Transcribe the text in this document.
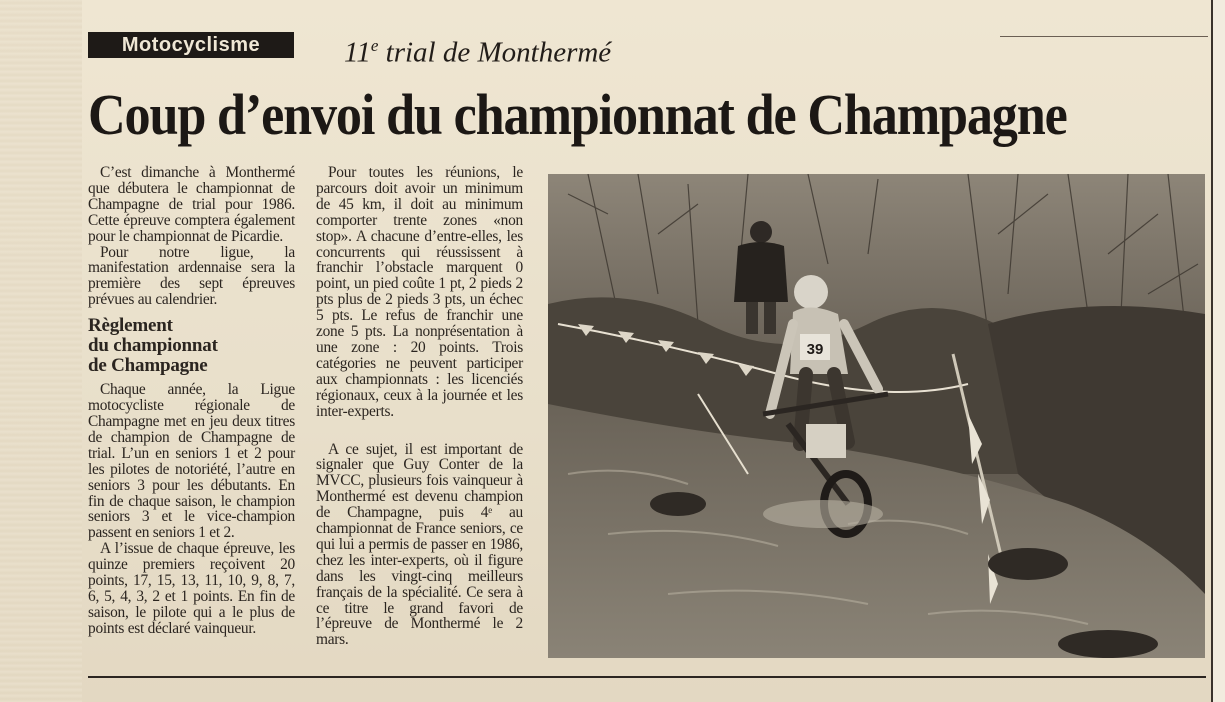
Motocyclisme	11e trial de Monthermé
Coup d’envoi du championnat de Champagne

C’est dimanche à Monthermé que débutera le championnat de Champagne de trial pour 1986. Cette épreuve comptera également pour le championnat de Picardie.

Pour notre ligue, la manifestation ardennaise sera la première des sept épreuves prévues au calendrier.

Règlement
du championnat
de Champagne

Chaque année, la Ligue motocycliste régionale de Champagne met en jeu deux titres de champion de Champagne de trial. L’un en seniors 1 et 2 pour les pilotes de notoriété, l’autre en seniors 3 pour les débutants. En fin de chaque saison, le champion seniors 3 et le vice-champion passent en seniors 1 et 2.

A l’issue de chaque épreuve, les quinze premiers reçoivent 20 points, 17, 15, 13, 11, 10, 9, 8, 7, 6, 5, 4, 3, 2 et 1 points. En fin de saison, le pilote qui a le plus de points est déclaré vainqueur.

Pour toutes les réunions, le parcours doit avoir un minimum de 45 km, il doit au minimum comporter trente zones «non stop». A chacune d’entre-elles, les concurrents qui réussissent à franchir l’obstacle marquent 0 point, un pied coûte 1 pt, 2 pieds 2 pts plus de 2 pieds 3 pts, un échec 5 pts. Le refus de franchir une zone 5 pts. La nonprésentation à une zone : 20 points. Trois catégories ne peuvent participer aux championnats : les licenciés régionaux, ceux à la journée et les inter-experts.

A ce sujet, il est important de signaler que Guy Conter de la MVCC, plusieurs fois vainqueur à Monthermé est devenu champion de Champagne, puis 4ᵉ au championnat de France seniors, ce qui lui a permis de passer en 1986, chez les inter-experts, où il figure dans les vingt-cinq meilleurs français de la spécialité. Ce sera à ce titre le grand favori de l’épreuve de Monthermé le 2 mars.

39
